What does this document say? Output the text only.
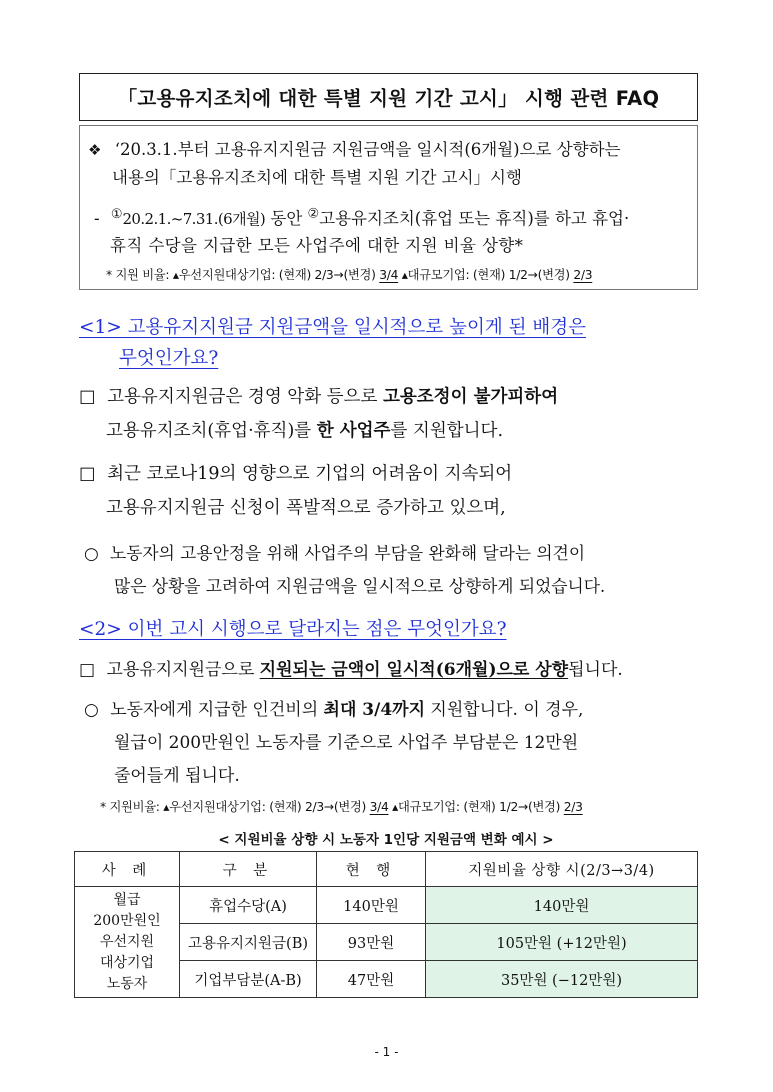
「고용유지조치에 대한 특별 지원 기간 고시」 시행 관련 FAQ
❖ ‘20.3.1.부터 고용유지지원금 지원금액을 일시적(6개월)으로 상향하는
내용의「고용유지조치에 대한 특별 지원 기간 고시」시행
- ①20.2.1.~7.31.(6개월) 동안 ②고용유지조치(휴업 또는 휴직)를 하고 휴업·
휴직 수당을 지급한 모든 사업주에 대한 지원 비율 상향*
* 지원 비율: ▴우선지원대상기업: (현재) 2/3→(변경) 3/4 ▴대규모기업: (현재) 1/2→(변경) 2/3
<1> 고용유지지원금 지원금액을 일시적으로 높이게 된 배경은
무엇인가요?
□ 고용유지지원금은 경영 악화 등으로 고용조정이 불가피하여
고용유지조치(휴업·휴직)를 한 사업주를 지원합니다.
□ 최근 코로나19의 영향으로 기업의 어려움이 지속되어
고용유지지원금 신청이 폭발적으로 증가하고 있으며,
○ 노동자의 고용안정을 위해 사업주의 부담을 완화해 달라는 의견이
많은 상황을 고려하여 지원금액을 일시적으로 상향하게 되었습니다.
<2> 이번 고시 시행으로 달라지는 점은 무엇인가요?
□ 고용유지지원금으로 지원되는 금액이 일시적(6개월)으로 상향됩니다.
○ 노동자에게 지급한 인건비의 최대 3/4까지 지원합니다. 이 경우,
월급이 200만원인 노동자를 기준으로 사업주 부담분은 12만원
줄어들게 됩니다.
* 지원비율: ▴우선지원대상기업: (현재) 2/3→(변경) 3/4 ▴대규모기업: (현재) 1/2→(변경) 2/3
< 지원비율 상향 시 노동자 1인당 지원금액 변화 예시 >
사 례	구 분	현 행	지원비율 상향 시(2/3→3/4)

월급
200만원인
우선지원
대상기업
노동자	휴업수당(A)	140만원	140만원
	고용유지지원금(B)	93만원	105만원 (+12만원)
	기업부담분(A-B)	47만원	35만원 (−12만원)
- 1 -
